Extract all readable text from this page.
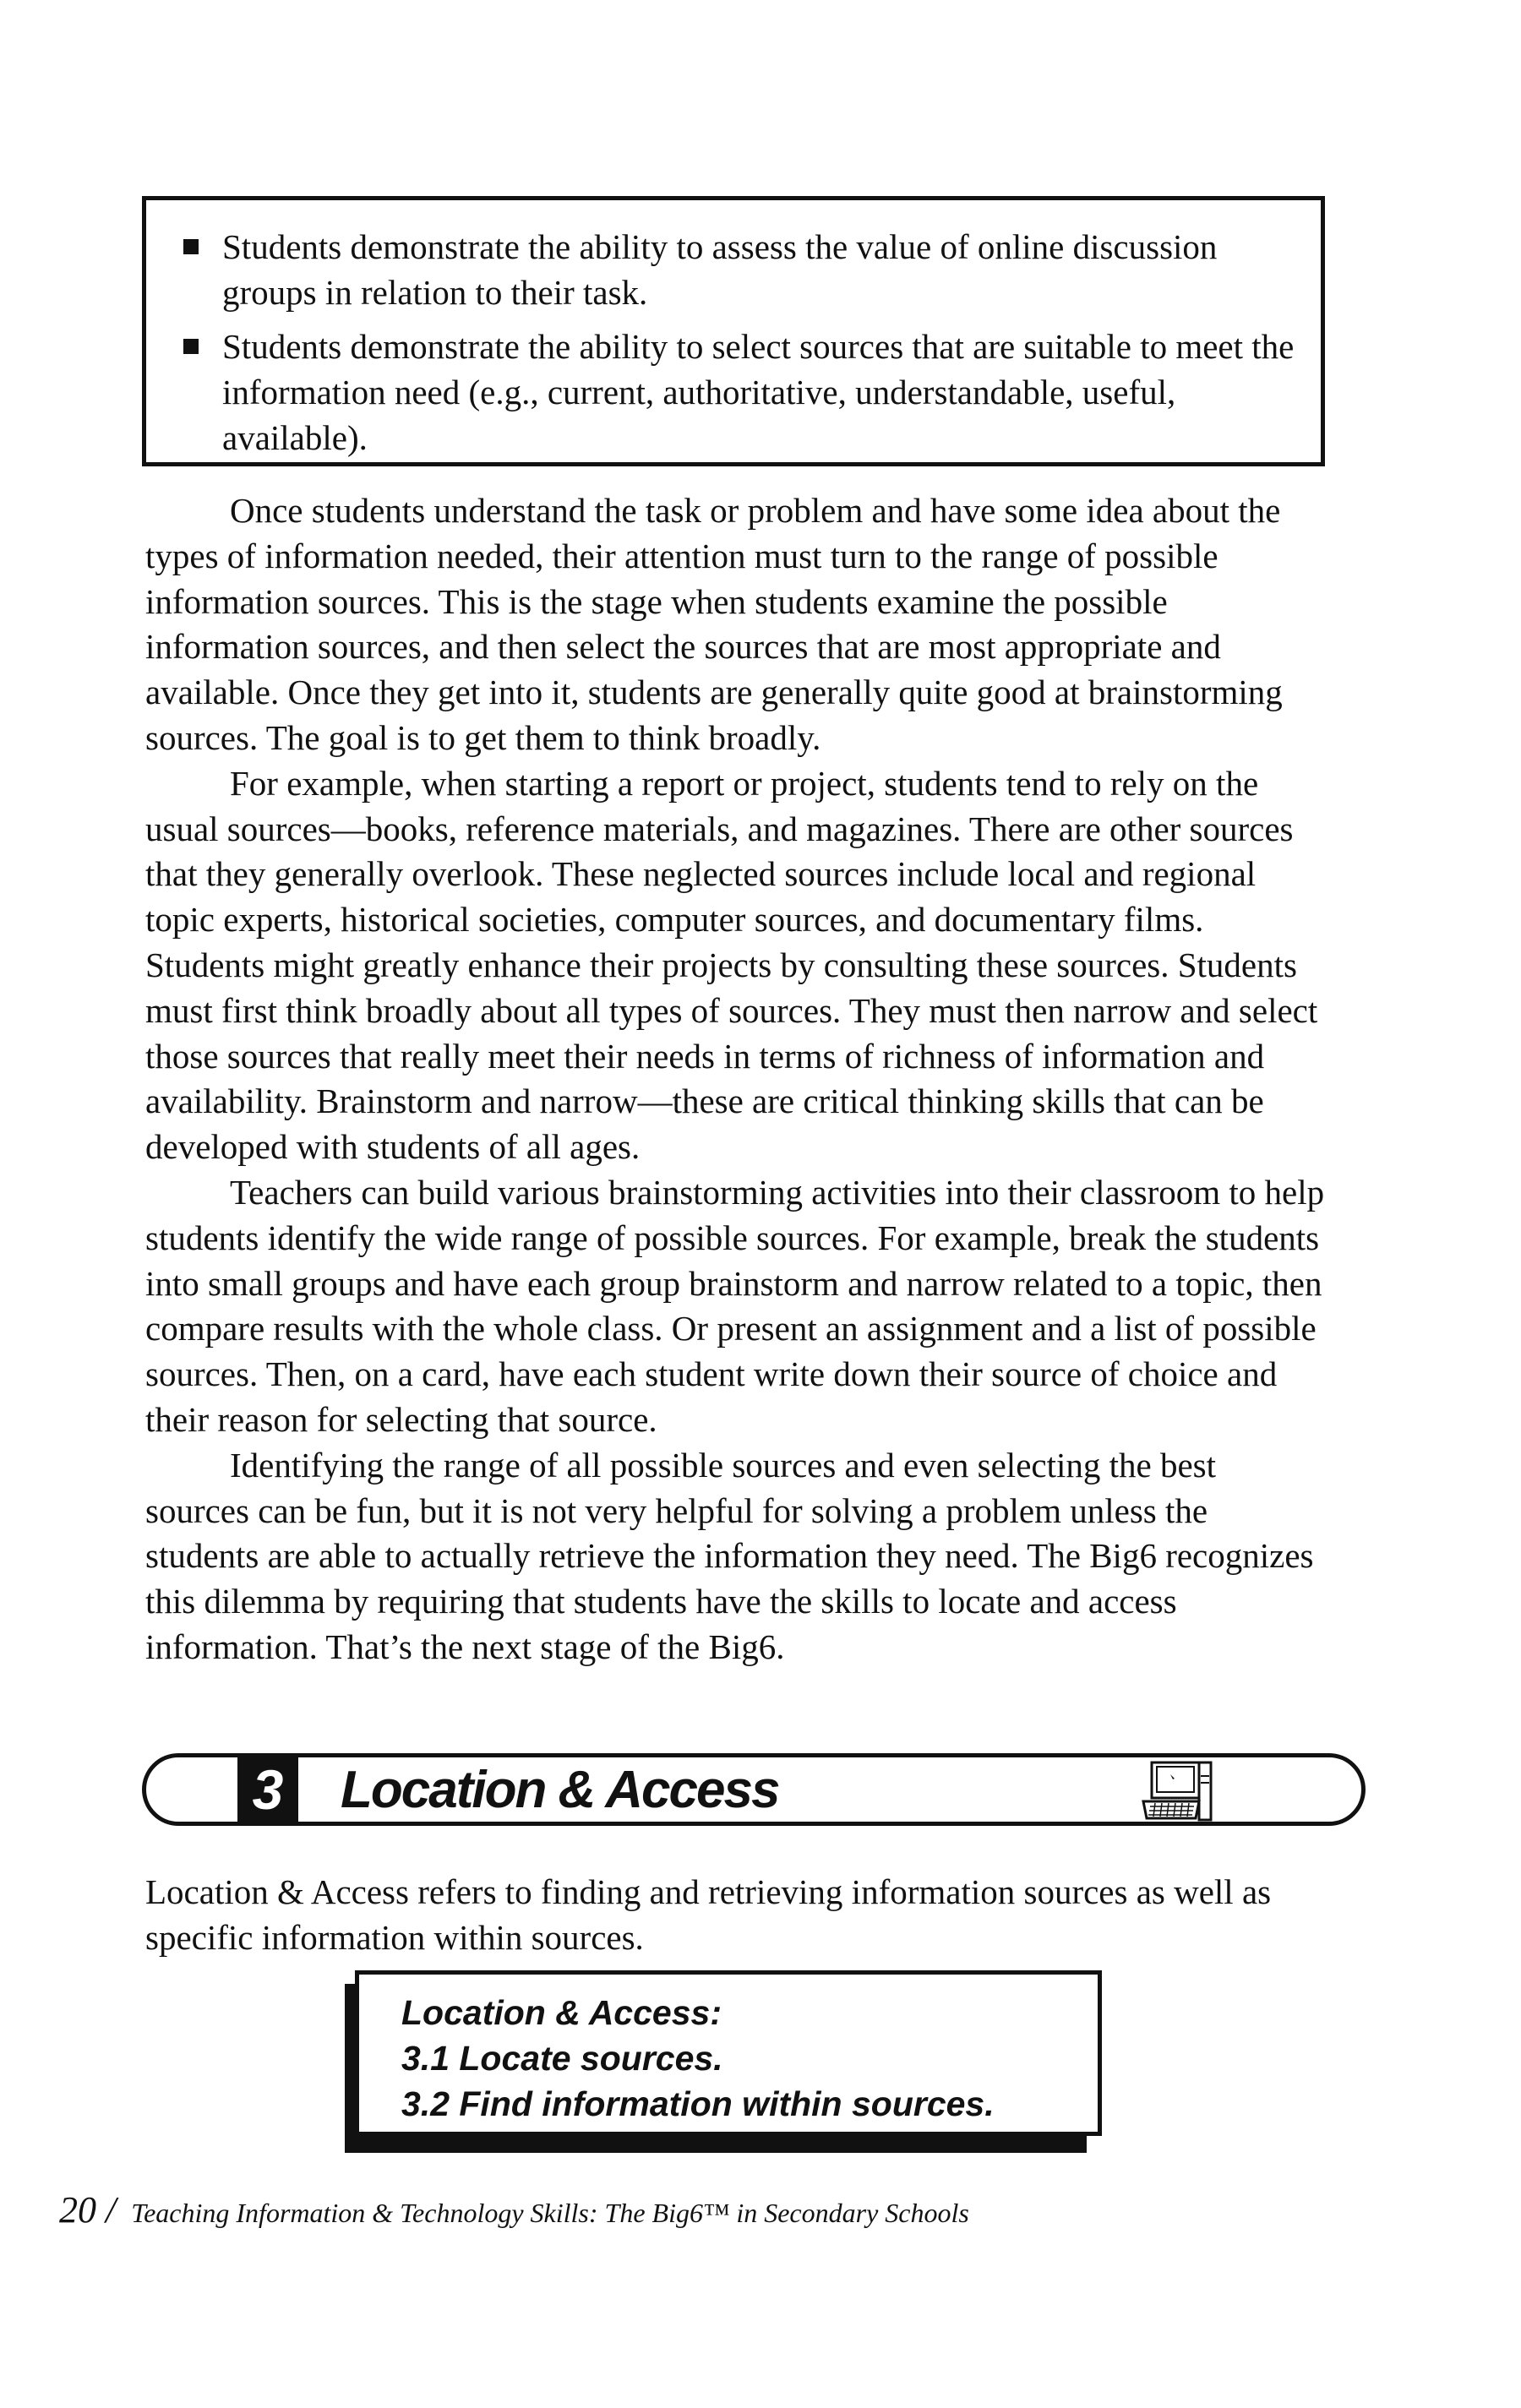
Students demonstrate the ability to assess the value of online discussion groups in relation to their task.
Students demonstrate the ability to select sources that are suitable to meet the information need (e.g., current, authoritative, understandable, useful, available).

Once students understand the task or problem and have some idea about the types of information needed, their attention must turn to the range of possible information sources. This is the stage when students examine the possible information sources, and then select the sources that are most appropriate and available. Once they get into it, students are generally quite good at brainstorming sources. The goal is to get them to think broadly.

For example, when starting a report or project, students tend to rely on the usual sources—books, reference materials, and magazines. There are other sources that they generally overlook. These neglected sources include local and regional topic experts, historical societies, computer sources, and documentary films. Students might greatly enhance their projects by consulting these sources. Students must first think broadly about all types of sources. They must then narrow and select those sources that really meet their needs in terms of richness of information and availability. Brainstorm and narrow—these are critical thinking skills that can be developed with students of all ages.

Teachers can build various brainstorming activities into their classroom to help students identify the wide range of possible sources. For example, break the students into small groups and have each group brainstorm and narrow related to a topic, then compare results with the whole class. Or present an assignment and a list of possible sources. Then, on a card, have each student write down their source of choice and their reason for selecting that source.

Identifying the range of all possible sources and even selecting the best sources can be fun, but it is not very helpful for solving a problem unless the students are able to actually retrieve the information they need. The Big6 recognizes this dilemma by requiring that students have the skills to locate and access information. That’s the next stage of the Big6.

3 Location & Access

Location & Access refers to finding and retrieving information sources as well as specific information within sources.

Location & Access:
3.1 Locate sources.
3.2 Find information within sources.
20 / Teaching Information & Technology Skills: The Big6™ in Secondary Schools
